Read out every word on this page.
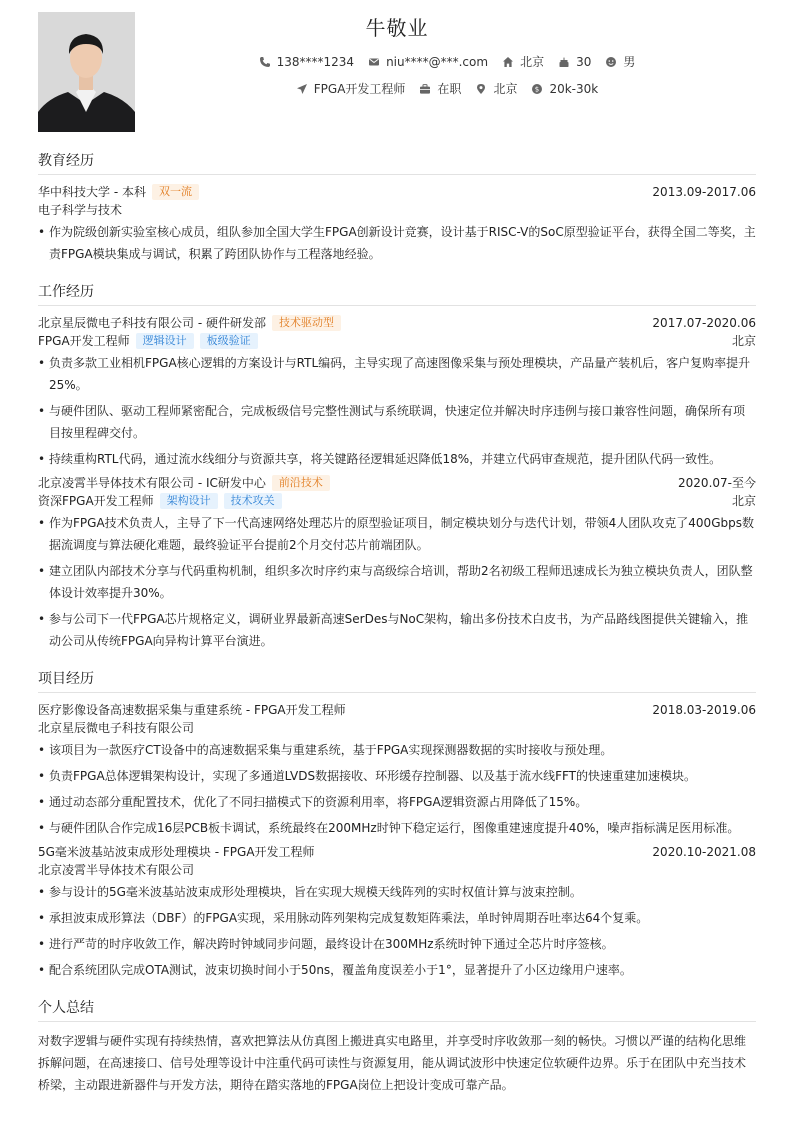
牛敬业
138****1234	niu****@***.com	北京	30	男
FPGA开发工程师	在职	北京	$ 20k-30k
教育经历
华中科技大学 - 本科	双一流	2013.09-2017.06
电子科学与技术
• 作为院级创新实验室核心成员，组队参加全国大学生FPGA创新设计竞赛，设计基于RISC-V的SoC原型验证平台，获得全国二等奖，主责FPGA模块集成与调试，积累了跨团队协作与工程落地经验。
工作经历
北京星辰微电子科技有限公司 - 硬件研发部	技术驱动型	2017.07-2020.06
FPGA开发工程师	逻辑设计	板级验证	北京
• 负责多款工业相机FPGA核心逻辑的方案设计与RTL编码，主导实现了高速图像采集与预处理模块，产品量产装机后，客户复购率提升25%。
• 与硬件团队、驱动工程师紧密配合，完成板级信号完整性测试与系统联调，快速定位并解决时序违例与接口兼容性问题，确保所有项目按里程碑交付。
• 持续重构RTL代码，通过流水线细分与资源共享，将关键路径逻辑延迟降低18%，并建立代码审查规范，提升团队代码一致性。
北京凌霄半导体技术有限公司 - IC研发中心	前沿技术	2020.07-至今
资深FPGA开发工程师	架构设计	技术攻关	北京
• 作为FPGA技术负责人，主导了下一代高速网络处理芯片的原型验证项目，制定模块划分与迭代计划，带领4人团队攻克了400Gbps数据流调度与算法硬化难题，最终验证平台提前2个月交付芯片前端团队。
• 建立团队内部技术分享与代码重构机制，组织多次时序约束与高级综合培训，帮助2名初级工程师迅速成长为独立模块负责人，团队整体设计效率提升30%。
• 参与公司下一代FPGA芯片规格定义，调研业界最新高速SerDes与NoC架构，输出多份技术白皮书，为产品路线图提供关键输入，推动公司从传统FPGA向异构计算平台演进。
项目经历
医疗影像设备高速数据采集与重建系统 - FPGA开发工程师	2018.03-2019.06
北京星辰微电子科技有限公司
• 该项目为一款医疗CT设备中的高速数据采集与重建系统，基于FPGA实现探测器数据的实时接收与预处理。
• 负责FPGA总体逻辑架构设计，实现了多通道LVDS数据接收、环形缓存控制器、以及基于流水线FFT的快速重建加速模块。
• 通过动态部分重配置技术，优化了不同扫描模式下的资源利用率，将FPGA逻辑资源占用降低了15%。
• 与硬件团队合作完成16层PCB板卡调试，系统最终在200MHz时钟下稳定运行，图像重建速度提升40%，噪声指标满足医用标准。
5G毫米波基站波束成形处理模块 - FPGA开发工程师	2020.10-2021.08
北京凌霄半导体技术有限公司
• 参与设计的5G毫米波基站波束成形处理模块，旨在实现大规模天线阵列的实时权值计算与波束控制。
• 承担波束成形算法（DBF）的FPGA实现，采用脉动阵列架构完成复数矩阵乘法，单时钟周期吞吐率达64个复乘。
• 进行严苛的时序收敛工作，解决跨时钟域同步问题，最终设计在300MHz系统时钟下通过全芯片时序签核。
• 配合系统团队完成OTA测试，波束切换时间小于50ns，覆盖角度误差小于1°，显著提升了小区边缘用户速率。
个人总结
对数字逻辑与硬件实现有持续热情，喜欢把算法从仿真图上搬进真实电路里，并享受时序收敛那一刻的畅快。习惯以严谨的结构化思维拆解问题，在高速接口、信号处理等设计中注重代码可读性与资源复用，能从调试波形中快速定位软硬件边界。乐于在团队中充当技术桥梁，主动跟进新器件与开发方法，期待在踏实落地的FPGA岗位上把设计变成可靠产品。
